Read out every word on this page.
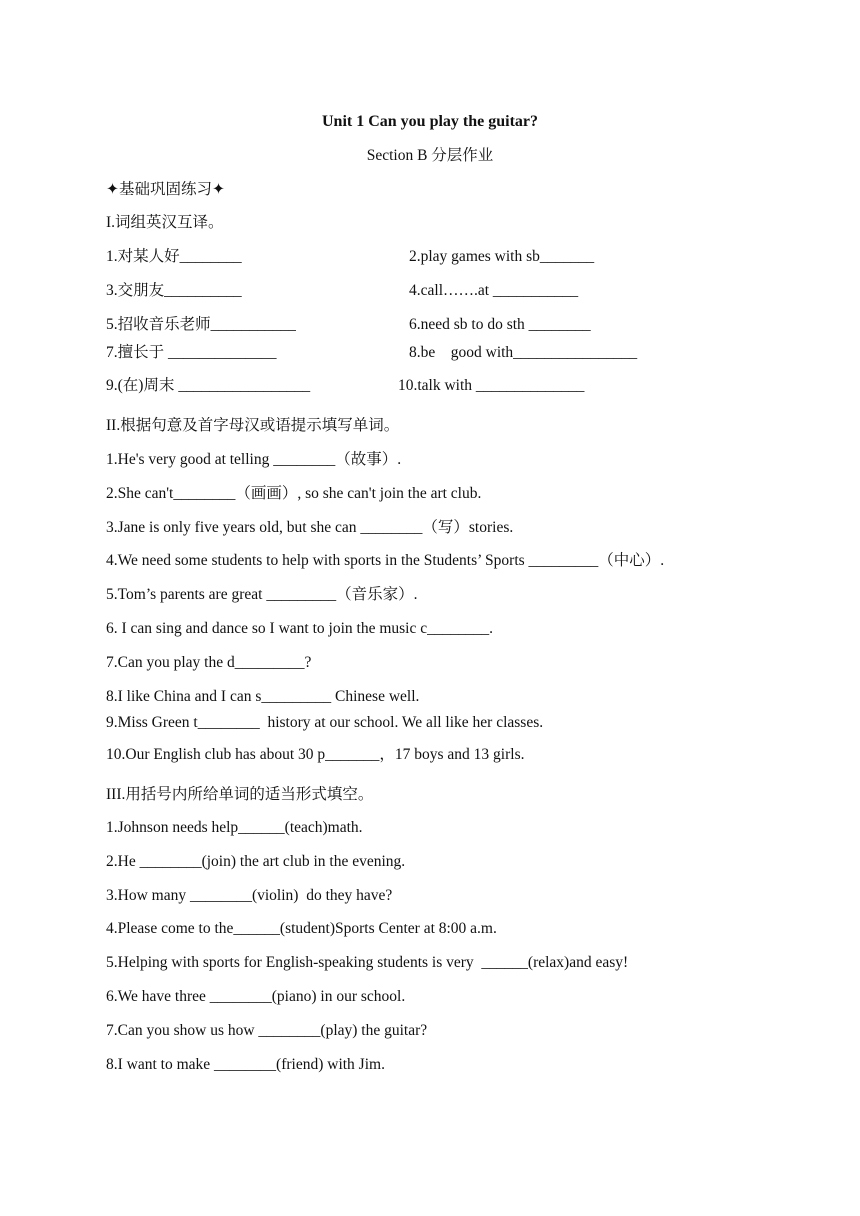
Unit 1 Can you play the guitar?
Section B 分层作业
✦基础巩固练习✦
I.词组英汉互译。
1.对某人好________	2.play games with sb_______
3.交朋友__________	4.call…….at ___________
5.招收音乐老师___________	6.need sb to do sth ________
7.擅长于 ______________	8.be    good with________________
9.(在)周末 _________________	10.talk with ______________
II.根据句意及首字母汉或语提示填写单词。
1.He's very good at telling ________（故事）.
2.She can't________（画画）, so she can't join the art club.
3.Jane is only five years old, but she can ________（写）stories.
4.We need some students to help with sports in the Students’ Sports _________（中心）.
5.Tom’s parents are great _________（音乐家）.
6. I can sing and dance so I want to join the music c________.
7.Can you play the d_________?
8.I like China and I can s_________ Chinese well.
9.Miss Green t________  history at our school. We all like her classes.
10.Our English club has about 30 p_______，17 boys and 13 girls.
III.用括号内所给单词的适当形式填空。
1.Johnson needs help______(teach)math.
2.He ________(join) the art club in the evening.
3.How many ________(violin)  do they have?
4.Please come to the______(student)Sports Center at 8:00 a.m.
5.Helping with sports for English-speaking students is very  ______(relax)and easy!
6.We have three ________(piano) in our school.
7.Can you show us how ________(play) the guitar?
8.I want to make ________(friend) with Jim.
